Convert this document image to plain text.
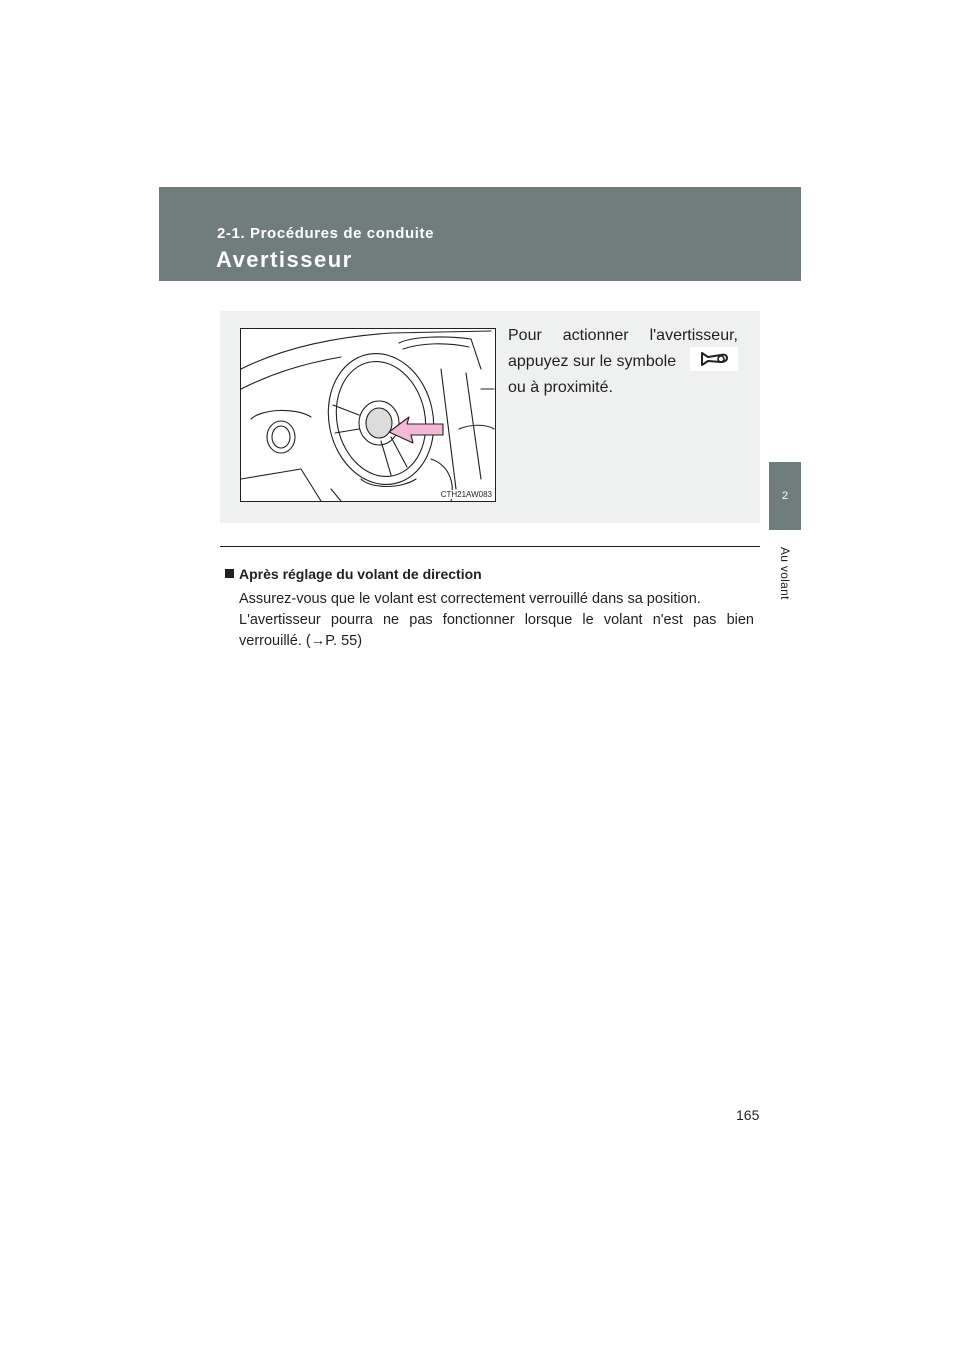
2-1. Procédures de conduite
Avertisseur
2
Au volant
CTH21AW083
Pour actionner l'avertisseur,
appuyez sur le symbole
ou à proximité.
Après réglage du volant de direction

Assurez-vous que le volant est correctement verrouillé dans sa position.

L'avertisseur pourra ne pas fonctionner lorsque le volant n'est pas bien verrouillé. (→P. 55)

165
